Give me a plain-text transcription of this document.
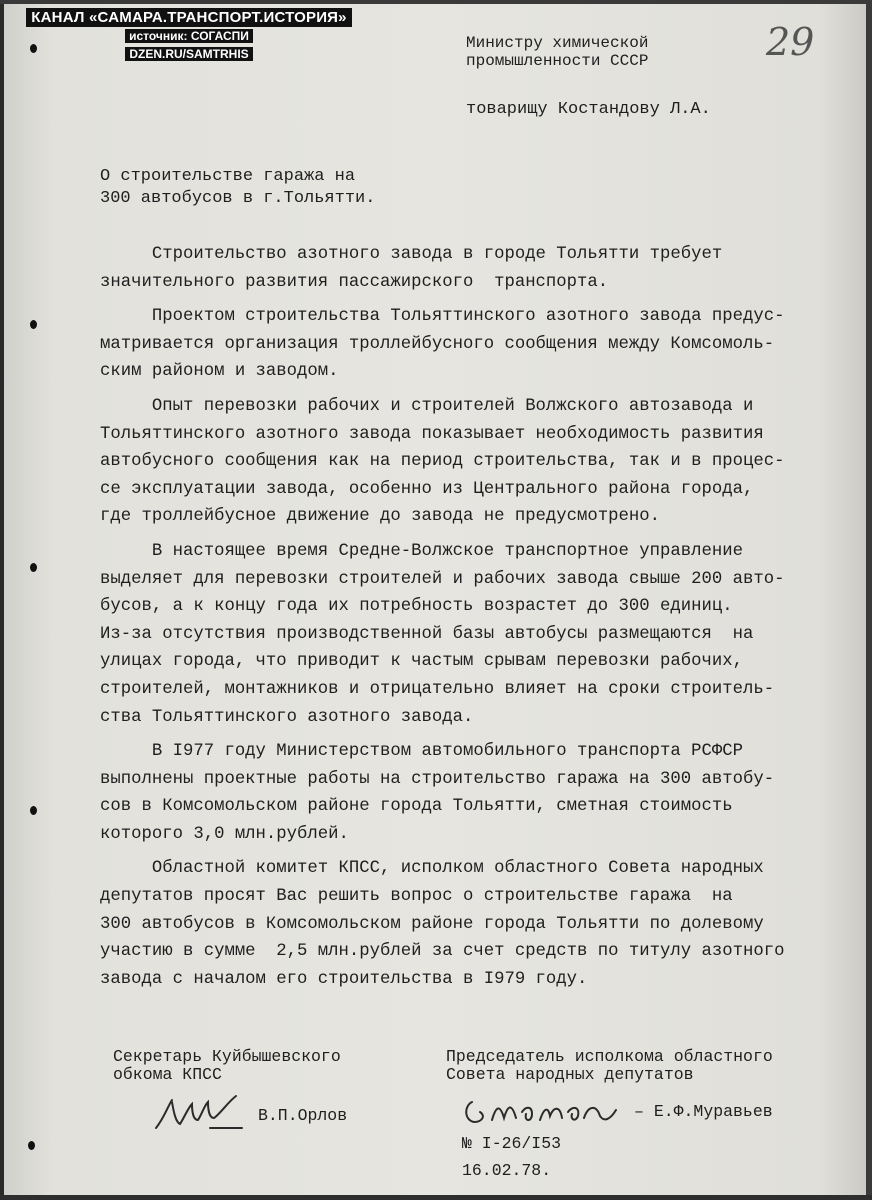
КАНАЛ «САМАРА.ТРАНСПОРТ.ИСТОРИЯ»
источник: СОГАСПИ
DZEN.RU/SAMTRHIS	29
Министру химической
промышленности СССР
товарищу Костандову Л.А.
О строительстве гаража на
300 автобусов в г.Тольятти.

Строительство азотного завода в городе Тольятти требует
значительного развития пассажирского  транспорта.

Проектом строительства Тольяттинского азотного завода предус-
матривается организация троллейбусного сообщения между Комсомоль-
ским районом и заводом.

Опыт перевозки рабочих и строителей Волжского автозавода и
Тольяттинского азотного завода показывает необходимость развития
автобусного сообщения как на период строительства, так и в процес-
се эксплуатации завода, особенно из Центрального района города,
где троллейбусное движение до завода не предусмотрено.

В настоящее время Средне-Волжское транспортное управление
выделяет для перевозки строителей и рабочих завода свыше 200 авто-
бусов, а к концу года их потребность возрастет до 300 единиц.
Из-за отсутствия производственной базы автобусы размещаются  на
улицах города, что приводит к частым срывам перевозки рабочих,
строителей, монтажников и отрицательно влияет на сроки строитель-
ства Тольяттинского азотного завода.

В I977 году Министерством автомобильного транспорта РСФСР
выполнены проектные работы на строительство гаража на 300 автобу-
сов в Комсомольском районе города Тольятти, сметная стоимость
которого 3,0 млн.рублей.

Областной комитет КПСС, исполком областного Совета народных
депутатов просят Вас решить вопрос о строительстве гаража  на
300 автобусов в Комсомольском районе города Тольятти по долевому
участию в сумме  2,5 млн.рублей за счет средств по титулу азотного
завода с началом его строительства в I979 году.

Секретарь Куйбышевского
обкома КПСС
Председатель исполкома областного
Совета народных депутатов
В.П.Орлов	– Е.Ф.Муравьев
№ I-26/I53
16.02.78.
